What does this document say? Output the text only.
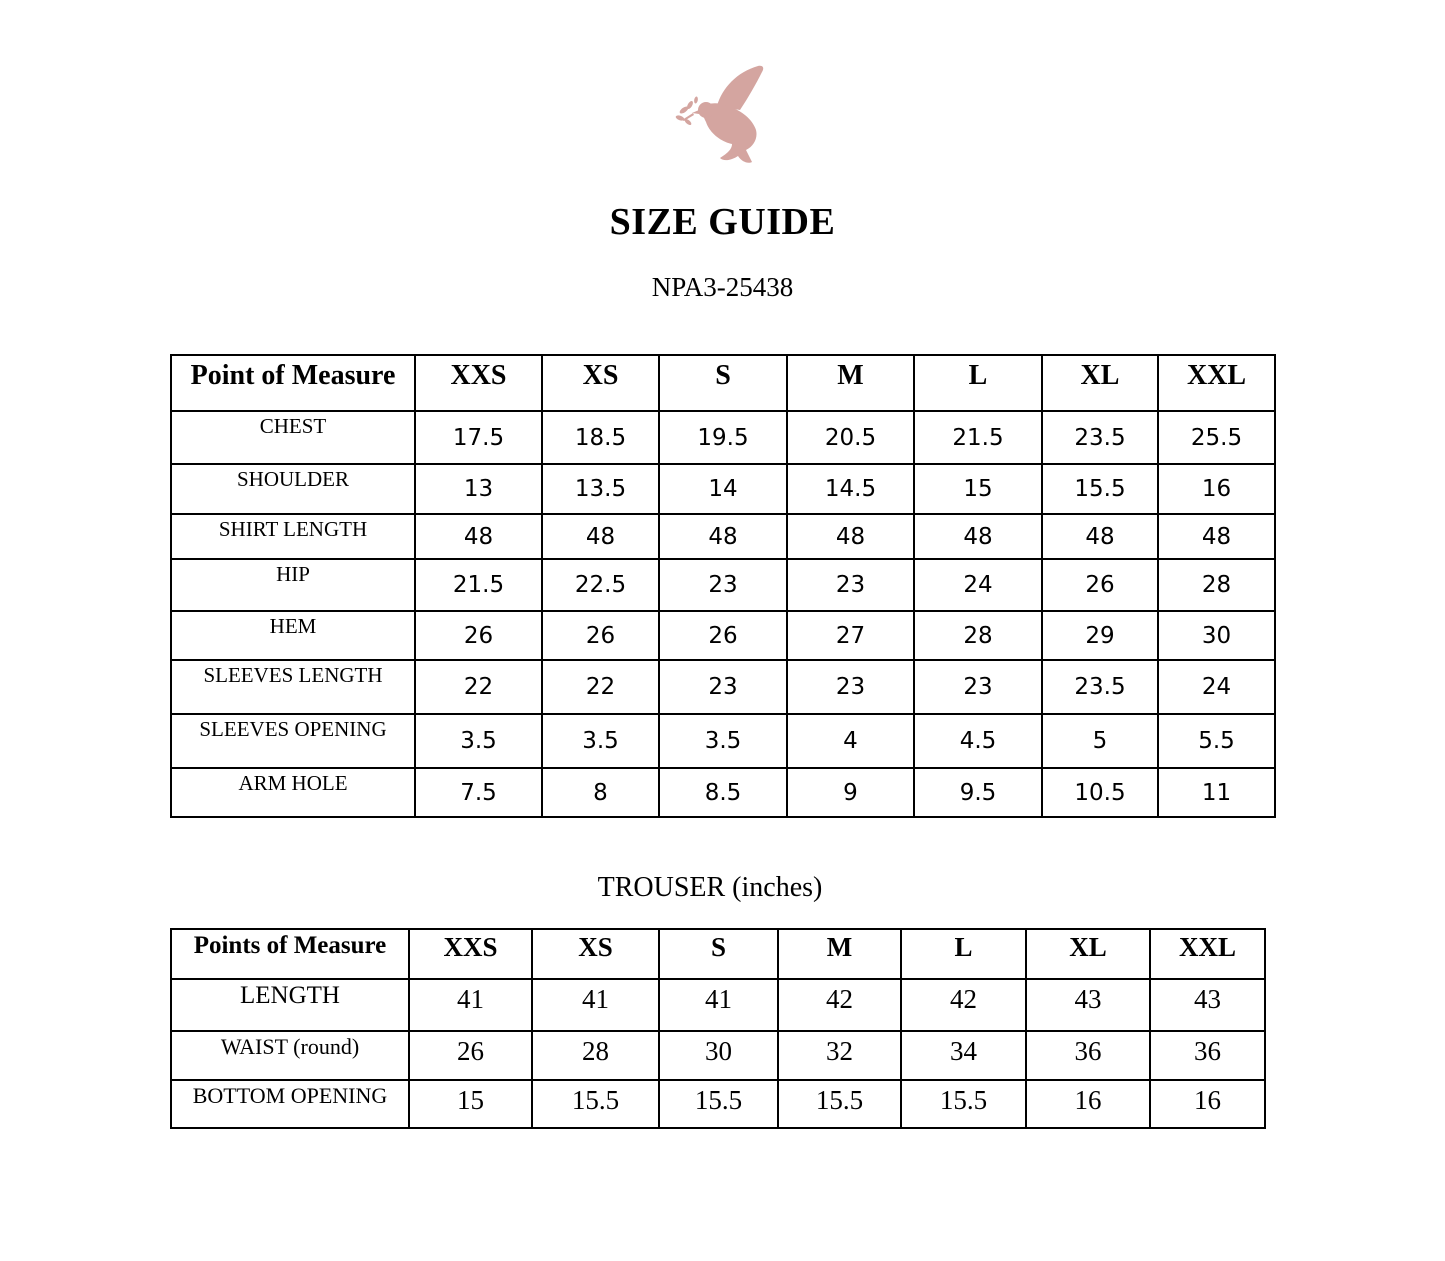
SIZE GUIDE
NPA3-25438
Point of Measure	XXS	XS	S	M	L	XL	XXL
CHEST	17.5	18.5	19.5	20.5	21.5	23.5	25.5
SHOULDER	13	13.5	14	14.5	15	15.5	16
SHIRT LENGTH	48	48	48	48	48	48	48
HIP	21.5	22.5	23	23	24	26	28
HEM	26	26	26	27	28	29	30
SLEEVES LENGTH	22	22	23	23	23	23.5	24
SLEEVES OPENING	3.5	3.5	3.5	4	4.5	5	5.5
ARM HOLE	7.5	8	8.5	9	9.5	10.5	11
TROUSER (inches)
Points of Measure	XXS	XS	S	M	L	XL	XXL
LENGTH	41	41	41	42	42	43	43
WAIST (round)	26	28	30	32	34	36	36
BOTTOM OPENING	15	15.5	15.5	15.5	15.5	16	16
